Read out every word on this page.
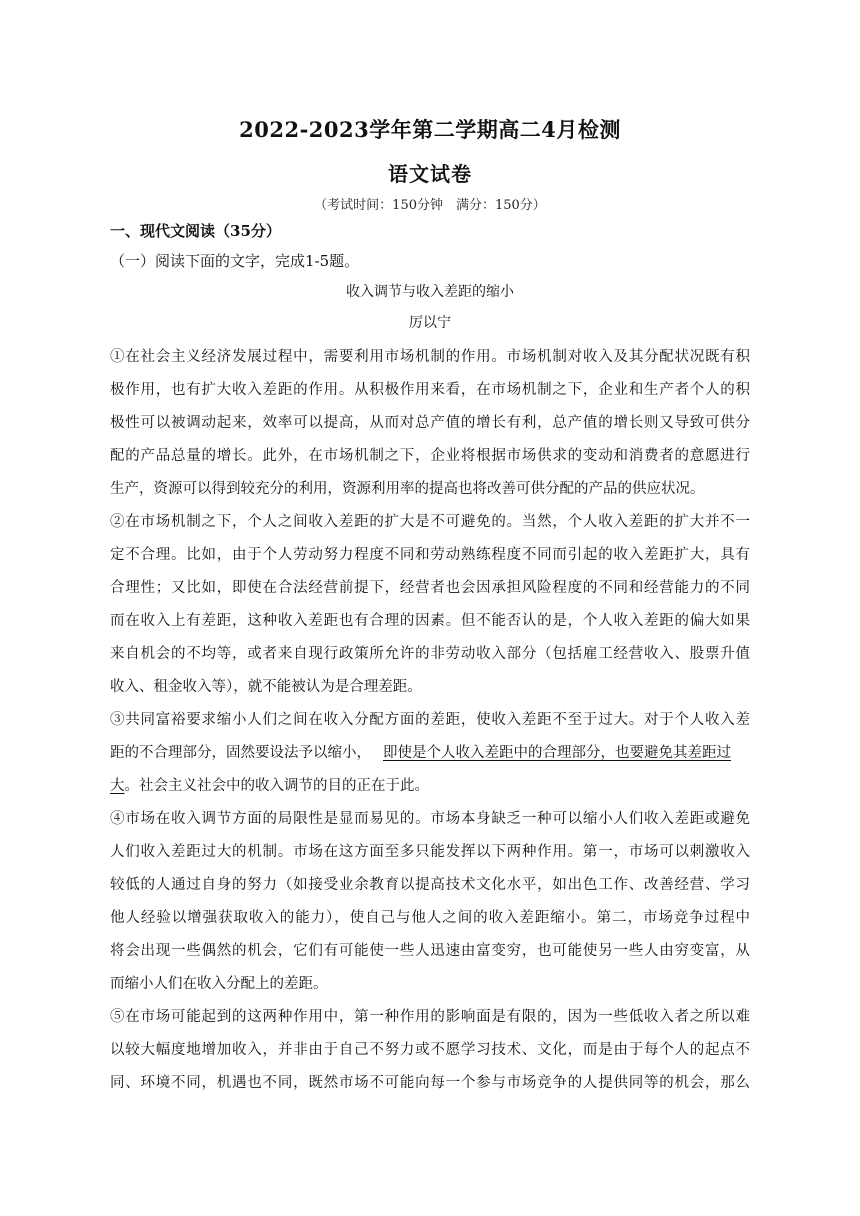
2022-2023学年第二学期高二4月检测
语文试卷
（考试时间：150分钟　满分：150分）
一、现代文阅读（35分）
（一）阅读下面的文字，完成1-5题。
收入调节与收入差距的缩小
厉以宁
①在社会主义经济发展过程中，需要利用市场机制的作用。市场机制对收入及其分配状况既有积
极作用，也有扩大收入差距的作用。从积极作用来看，在市场机制之下，企业和生产者个人的积
极性可以被调动起来，效率可以提高，从而对总产值的增长有利，总产值的增长则又导致可供分
配的产品总量的增长。此外，在市场机制之下，企业将根据市场供求的变动和消费者的意愿进行
生产，资源可以得到较充分的利用，资源利用率的提高也将改善可供分配的产品的供应状况。
②在市场机制之下，个人之间收入差距的扩大是不可避免的。当然，个人收入差距的扩大并不一
定不合理。比如，由于个人劳动努力程度不同和劳动熟练程度不同而引起的收入差距扩大，具有
合理性；又比如，即使在合法经营前提下，经营者也会因承担风险程度的不同和经营能力的不同
而在收入上有差距，这种收入差距也有合理的因素。但不能否认的是，个人收入差距的偏大如果
来自机会的不均等，或者来自现行政策所允许的非劳动收入部分（包括雇工经营收入、股票升值
收入、租金收入等），就不能被认为是合理差距。
③共同富裕要求缩小人们之间在收入分配方面的差距，使收入差距不至于过大。对于个人收入差
距的不合理部分，固然要设法予以缩小， 即使是个人收入差距中的合理部分，也要避免其差距过
大。社会主义社会中的收入调节的目的正在于此。
④市场在收入调节方面的局限性是显而易见的。市场本身缺乏一种可以缩小人们收入差距或避免
人们收入差距过大的机制。市场在这方面至多只能发挥以下两种作用。第一，市场可以刺激收入
较低的人通过自身的努力（如接受业余教育以提高技术文化水平，如出色工作、改善经营、学习
他人经验以增强获取收入的能力），使自己与他人之间的收入差距缩小。第二，市场竞争过程中
将会出现一些偶然的机会，它们有可能使一些人迅速由富变穷，也可能使另一些人由穷变富，从
而缩小人们在收入分配上的差距。
⑤在市场可能起到的这两种作用中，第一种作用的影响面是有限的，因为一些低收入者之所以难
以较大幅度地增加收入，并非由于自己不努力或不愿学习技术、文化，而是由于每个人的起点不
同、环境不同，机遇也不同，既然市场不可能向每一个参与市场竞争的人提供同等的机会，那么
